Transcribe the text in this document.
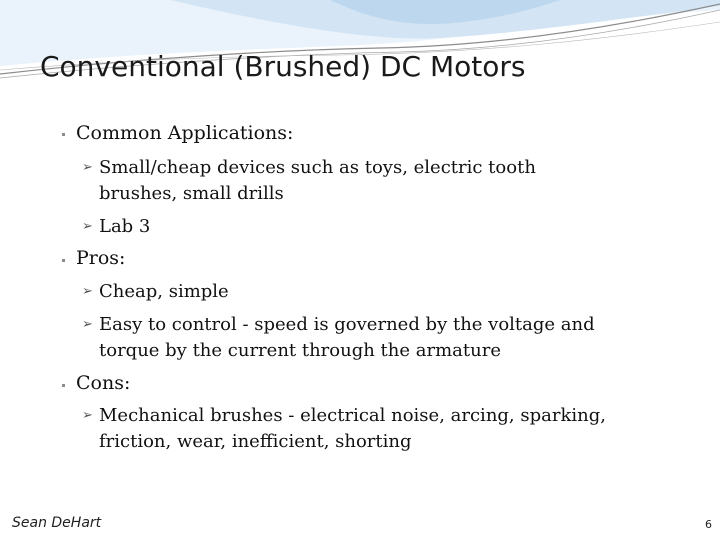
Conventional (Brushed) DC Motors
Common Applications:
➢ Small/cheap devices such as toys, electric tooth brushes, small drills
➢ Lab 3
Pros:
➢ Cheap, simple
➢ Easy to control - speed is governed by the voltage and torque by the current through the armature
Cons:
➢ Mechanical brushes - electrical noise, arcing, sparking, friction, wear, inefficient, shorting
Sean DeHart	6
